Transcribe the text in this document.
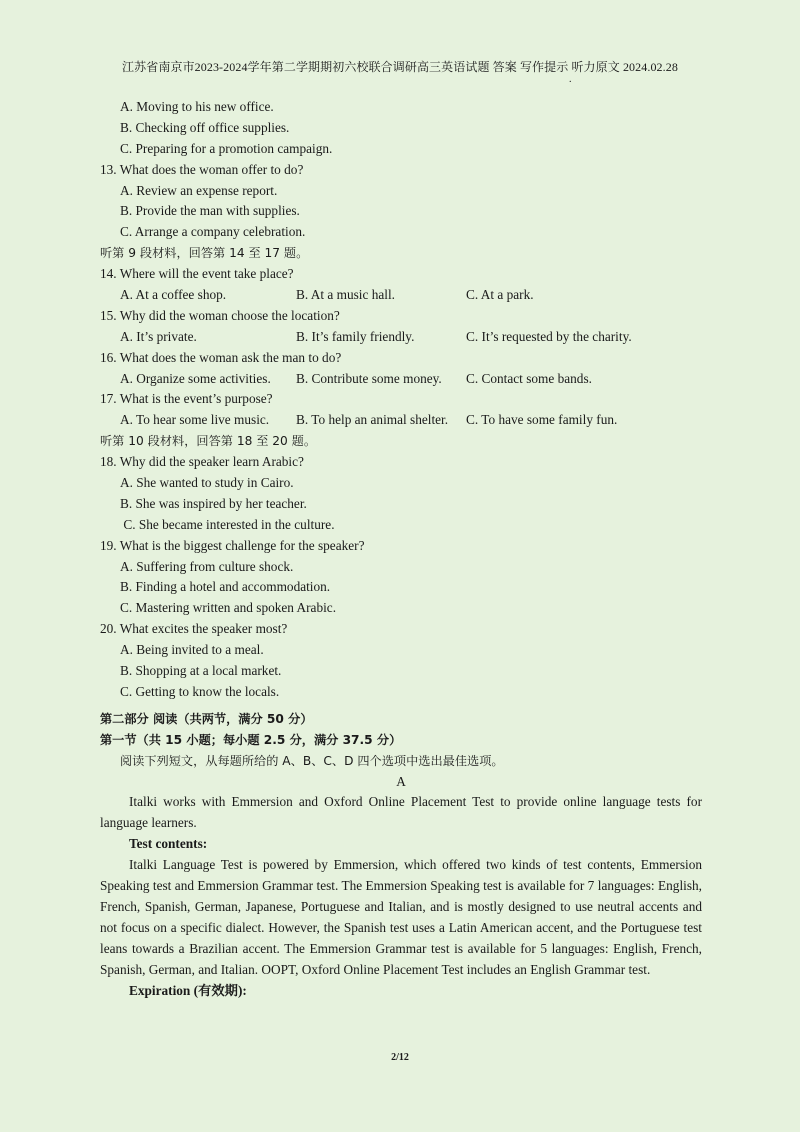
江苏省南京市2023-2024学年第二学期期初六校联合调研高三英语试题 答案 写作提示 听力原文 2024.02.28
.
A. Moving to his new office.
B. Checking off office supplies.
C. Preparing for a promotion campaign.
13. What does the woman offer to do?
A. Review an expense report.
B. Provide the man with supplies.
C. Arrange a company celebration.
听第 9 段材料，回答第 14 至 17 题。
14. Where will the event take place?
A. At a coffee shop.	B. At a music hall.	C. At a park.
15. Why did the woman choose the location?
A. It’s private.	B. It’s family friendly.	C. It’s requested by the charity.
16. What does the woman ask the man to do?
A. Organize some activities. B. Contribute some money. C. Contact some bands.
17. What is the event’s purpose?
A. To hear some live music. B. To help an animal shelter. C. To have some family fun.
听第 10 段材料，回答第 18 至 20 题。
18. Why did the speaker learn Arabic?
A. She wanted to study in Cairo.
B. She was inspired by her teacher.
C. She became interested in the culture.
19. What is the biggest challenge for the speaker?
A. Suffering from culture shock.
B. Finding a hotel and accommodation.
C. Mastering written and spoken Arabic.
20. What excites the speaker most?
A. Being invited to a meal.
B. Shopping at a local market.
C. Getting to know the locals.
第二部分 阅读（共两节，满分 50 分）
第一节（共 15 小题；每小题 2.5 分，满分 37.5 分）
阅读下列短文，从每题所给的 A、B、C、D 四个选项中选出最佳选项。
A
Italki works with Emmersion and Oxford Online Placement Test to provide online language tests for language learners.
Test contents:
Italki Language Test is powered by Emmersion, which offered two kinds of test contents, Emmersion Speaking test and Emmersion Grammar test. The Emmersion Speaking test is available for 7 languages: English, French, Spanish, German, Japanese, Portuguese and Italian, and is mostly designed to use neutral accents and not focus on a specific dialect. However, the Spanish test uses a Latin American accent, and the Portuguese test leans towards a Brazilian accent. The Emmersion Grammar test is available for 5 languages: English, French, Spanish, German, and Italian. OOPT, Oxford Online Placement Test includes an English Grammar test.
Expiration (有效期):
2/12
